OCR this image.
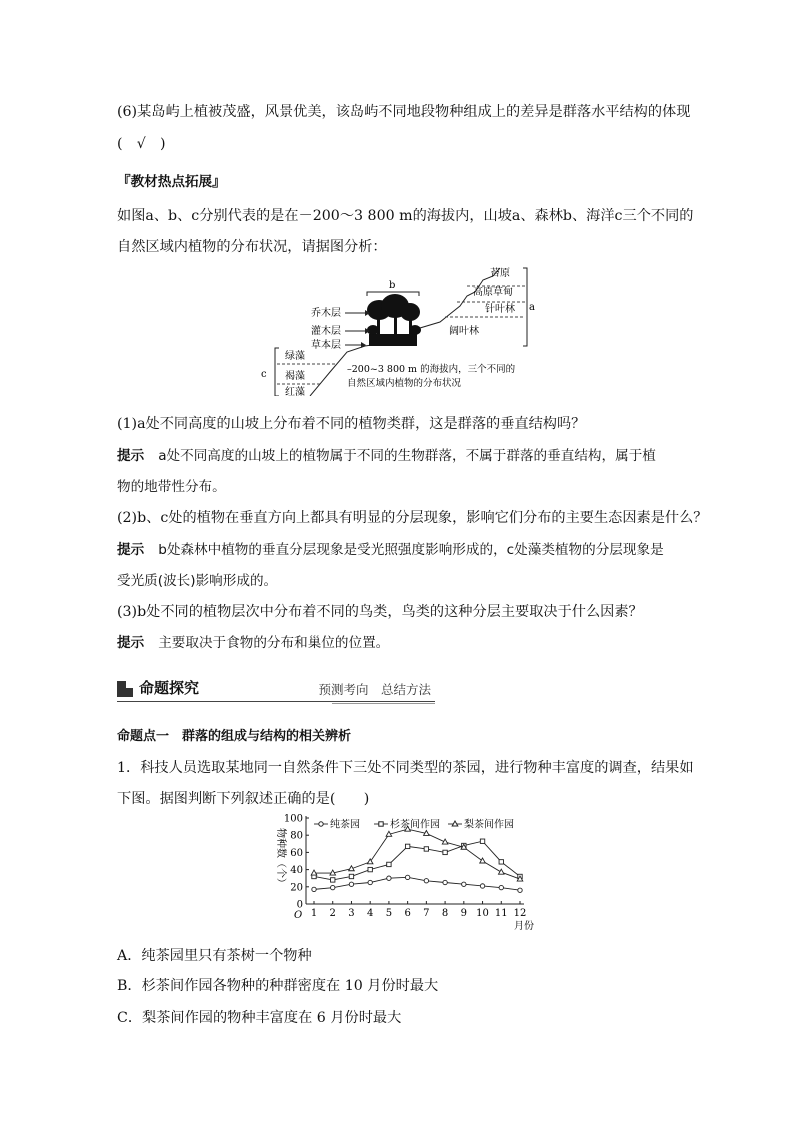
(6)某岛屿上植被茂盛，风景优美，该岛屿不同地段物种组成上的差异是群落水平结构的体现
(　√　)
『教材热点拓展』
如图a、b、c分别代表的是在－200～3 800 m的海拔内，山坡a、森林b、海洋c三个不同的
自然区域内植物的分布状况，请据图分析：
a
苔原
高原草甸
针叶林
阔叶林
b
乔木层
灌木层
草本层
c
绿藻
褐藻
红藻
–200~3 800 m 的海拔内，三个不同的
自然区域内植物的分布状况
(1)a处不同高度的山坡上分布着不同的植物类群，这是群落的垂直结构吗？
提示 a处不同高度的山坡上的植物属于不同的生物群落，不属于群落的垂直结构，属于植
物的地带性分布。
(2)b、c处的植物在垂直方向上都具有明显的分层现象，影响它们分布的主要生态因素是什么？
提示 b处森林中植物的垂直分层现象是受光照强度影响形成的，c处藻类植物的分层现象是
受光质(波长)影响形成的。
(3)b处不同的植物层次中分布着不同的鸟类，鸟类的这种分层主要取决于什么因素？
提示 主要取决于食物的分布和巢位的位置。
命题探究	预测考向　总结方法
命题点一　群落的组成与结构的相关辨析
1．科技人员选取某地同一自然条件下三处不同类型的茶园，进行物种丰富度的调查，结果如
下图。据图判断下列叙述正确的是(　　)
0
20
40
60
80
100
O 1 2 3 4 5 6 7 8 9 10 11 12
月份
物种数（个）
纯茶园	杉茶间作园 梨茶间作园
A．纯茶园里只有茶树一个物种
B．杉茶间作园各物种的种群密度在 10 月份时最大
C．梨茶间作园的物种丰富度在 6 月份时最大
